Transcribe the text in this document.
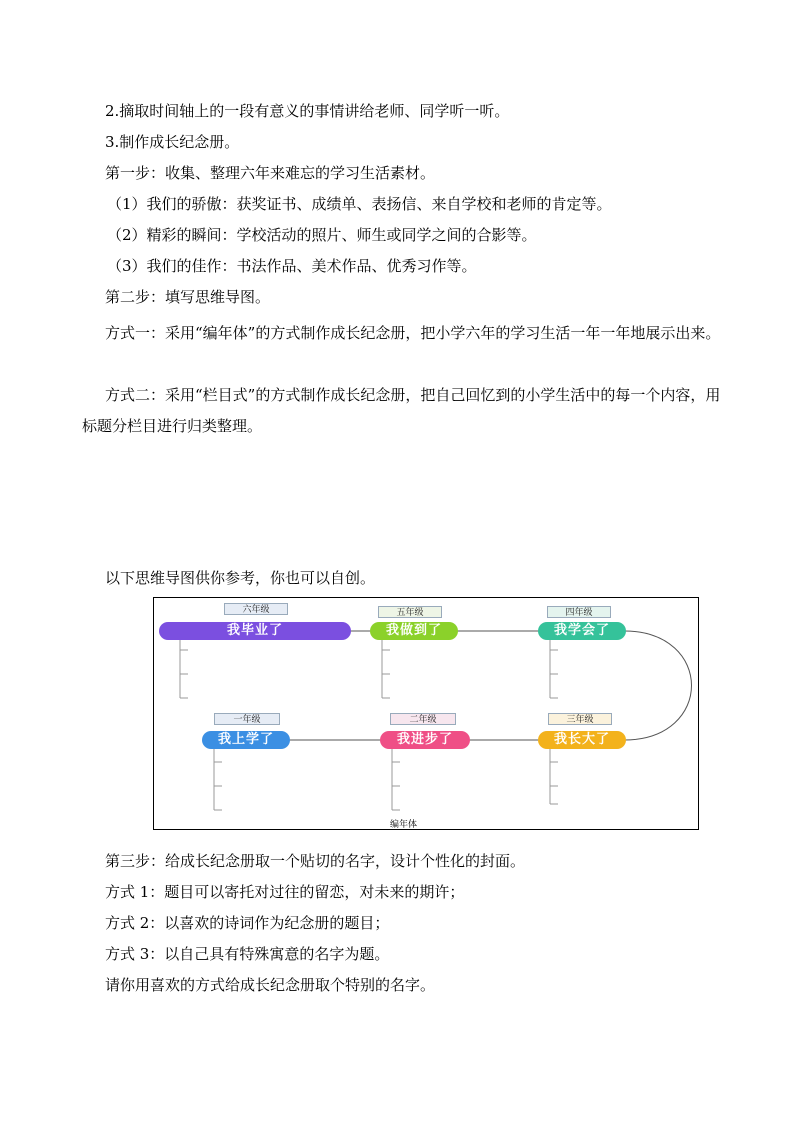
2.摘取时间轴上的一段有意义的事情讲给老师、同学听一听。
3.制作成长纪念册。
第一步：收集、整理六年来难忘的学习生活素材。
（1）我们的骄傲：获奖证书、成绩单、表扬信、来自学校和老师的肯定等。
（2）精彩的瞬间：学校活动的照片、师生或同学之间的合影等。
（3）我们的佳作：书法作品、美术作品、优秀习作等。
第二步：填写思维导图。
方式一：采用“编年体”的方式制作成长纪念册，把小学六年的学习生活一年一年地展示出来。
方式二：采用“栏目式”的方式制作成长纪念册，把自己回忆到的小学生活中的每一个内容，用标题分栏目进行归类整理。
以下思维导图供你参考，你也可以自创。
六年级
我毕业了
五年级
我做到了
四年级
我学会了
一年级
我上学了
二年级
我进步了
三年级
我长大了
编年体
第三步：给成长纪念册取一个贴切的名字，设计个性化的封面。
方式 1：题目可以寄托对过往的留恋，对未来的期许；
方式 2：以喜欢的诗词作为纪念册的题目；
方式 3：以自己具有特殊寓意的名字为题。
请你用喜欢的方式给成长纪念册取个特别的名字。
